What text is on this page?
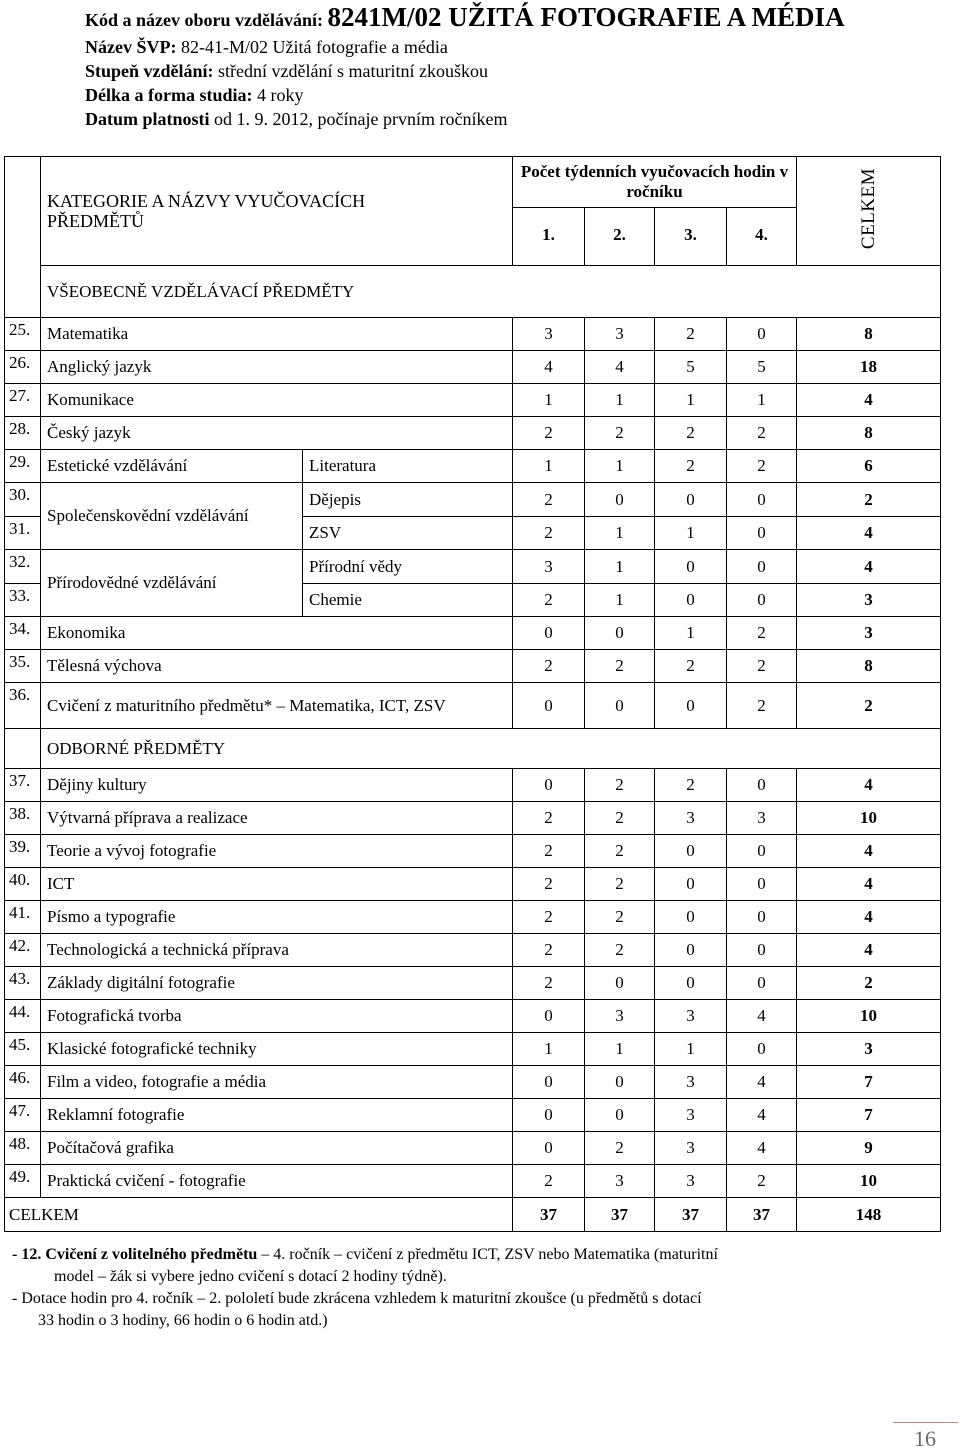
Kód a název oboru vzdělávání: 8241M/02 UŽITÁ FOTOGRAFIE A MÉDIA
Název ŠVP: 82-41-M/02 Užitá fotografie a média
Stupeň vzdělání: střední vzdělání s maturitní zkouškou
Délka a forma studia: 4 roky
Datum platnosti od 1. 9. 2012, počínaje prvním ročníkem

	KATEGORIE A NÁZVY VYUČOVACÍCH PŘEDMĚTŮ		Počet týdenních vyučovacích hodin v ročníku				CELKEM
			1.	2.	3.	4.	
	VŠEOBECNĚ VZDĚLÁVACÍ PŘEDMĚTY						
25.	Matematika		3	3	2	0	8
26.	Anglický jazyk		4	4	5	5	18
27.	Komunikace		1	1	1	1	4
28.	Český jazyk		2	2	2	2	8
29.	Estetické vzdělávání	Literatura	1	1	2	2	6
30.	Společenskovědní vzdělávání	Dějepis	2	0	0	0	2
31.		ZSV	2	1	1	0	4
32.	Přírodovědné vzdělávání	Přírodní vědy	3	1	0	0	4
33.		Chemie	2	1	0	0	3
34.	Ekonomika		0	0	1	2	3
35.	Tělesná výchova		2	2	2	2	8
36.	Cvičení z maturitního předmětu* – Matematika, ICT, ZSV		0	0	0	2	2
	ODBORNÉ PŘEDMĚTY						
37.	Dějiny kultury		0	2	2	0	4
38.	Výtvarná příprava a realizace		2	2	3	3	10
39.	Teorie a vývoj fotografie		2	2	0	0	4
40.	ICT		2	2	0	0	4
41.	Písmo a typografie		2	2	0	0	4
42.	Technologická a technická příprava		2	2	0	0	4
43.	Základy digitální fotografie		2	0	0	0	2
44.	Fotografická tvorba		0	3	3	4	10
45.	Klasické fotografické techniky		1	1	1	0	3
46.	Film a video, fotografie a média		0	0	3	4	7
47.	Reklamní fotografie		0	0	3	4	7
48.	Počítačová grafika		0	2	3	4	9
49.	Praktická cvičení - fotografie		2	3	3	2	10
CELKEM			37	37	37	37	148
- 12. Cvičení z volitelného předmětu – 4. ročník – cvičení z předmětu ICT, ZSV nebo Matematika (maturitní
model – žák si vybere jedno cvičení s dotací 2 hodiny týdně).
- Dotace hodin pro 4. ročník – 2. pololetí bude zkrácena vzhledem k maturitní zkoušce (u předmětů s dotací
33 hodin o 3 hodiny, 66 hodin o 6 hodin atd.)
16
